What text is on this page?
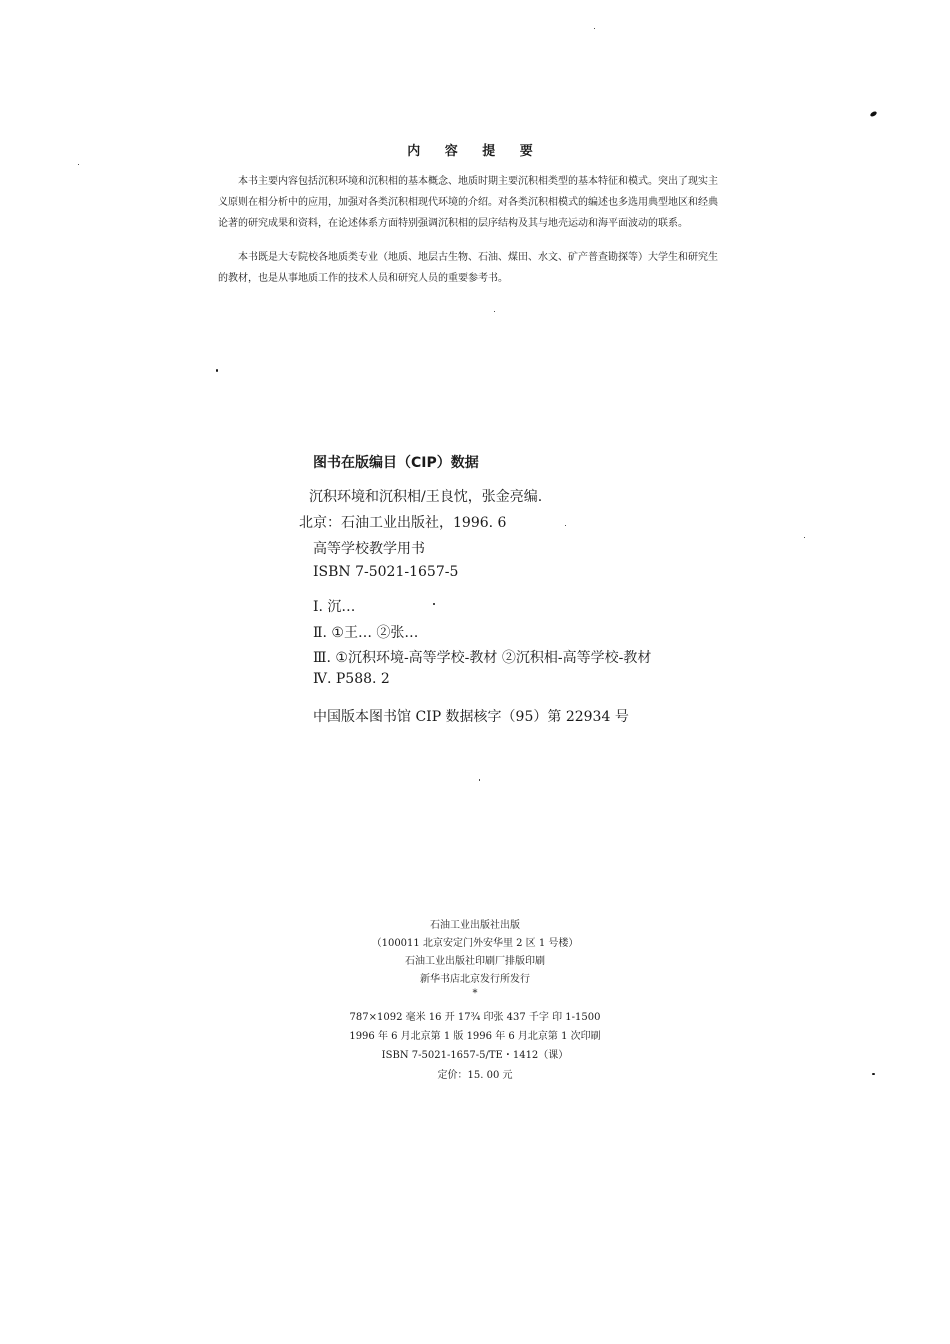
内 容 提 要
本书主要内容包括沉积环境和沉积相的基本概念、地质时期主要沉积相类型的基本特征和模式。突出了现实主义原则在相分析中的应用，加强对各类沉积相现代环境的介绍。对各类沉积相模式的编述也多选用典型地区和经典论著的研究成果和资料，在论述体系方面特别强调沉积相的层序结构及其与地壳运动和海平面波动的联系。
本书既是大专院校各地质类专业（地质、地层古生物、石油、煤田、水文、矿产普查勘探等）大学生和研究生的教材，也是从事地质工作的技术人员和研究人员的重要参考书。
图书在版编目（CIP）数据
沉积环境和沉积相/王良忱，张金亮编.
北京：石油工业出版社，1996. 6
高等学校教学用书
ISBN 7-5021-1657-5
Ⅰ. 沉…
Ⅱ. ①王… ②张…
Ⅲ. ①沉积环境-高等学校-教材 ②沉积相-高等学校-教材
Ⅳ. P588. 2
中国版本图书馆 CIP 数据核字（95）第 22934 号
石油工业出版社出版
（100011 北京安定门外安华里 2 区 1 号楼）
石油工业出版社印刷厂排版印刷
新华书店北京发行所发行
*
787×1092 毫米 16 开 17¾ 印张 437 千字 印 1-1500
1996 年 6 月北京第 1 版 1996 年 6 月北京第 1 次印刷
ISBN 7-5021-1657-5/TE・1412（课）
定价：15. 00 元
